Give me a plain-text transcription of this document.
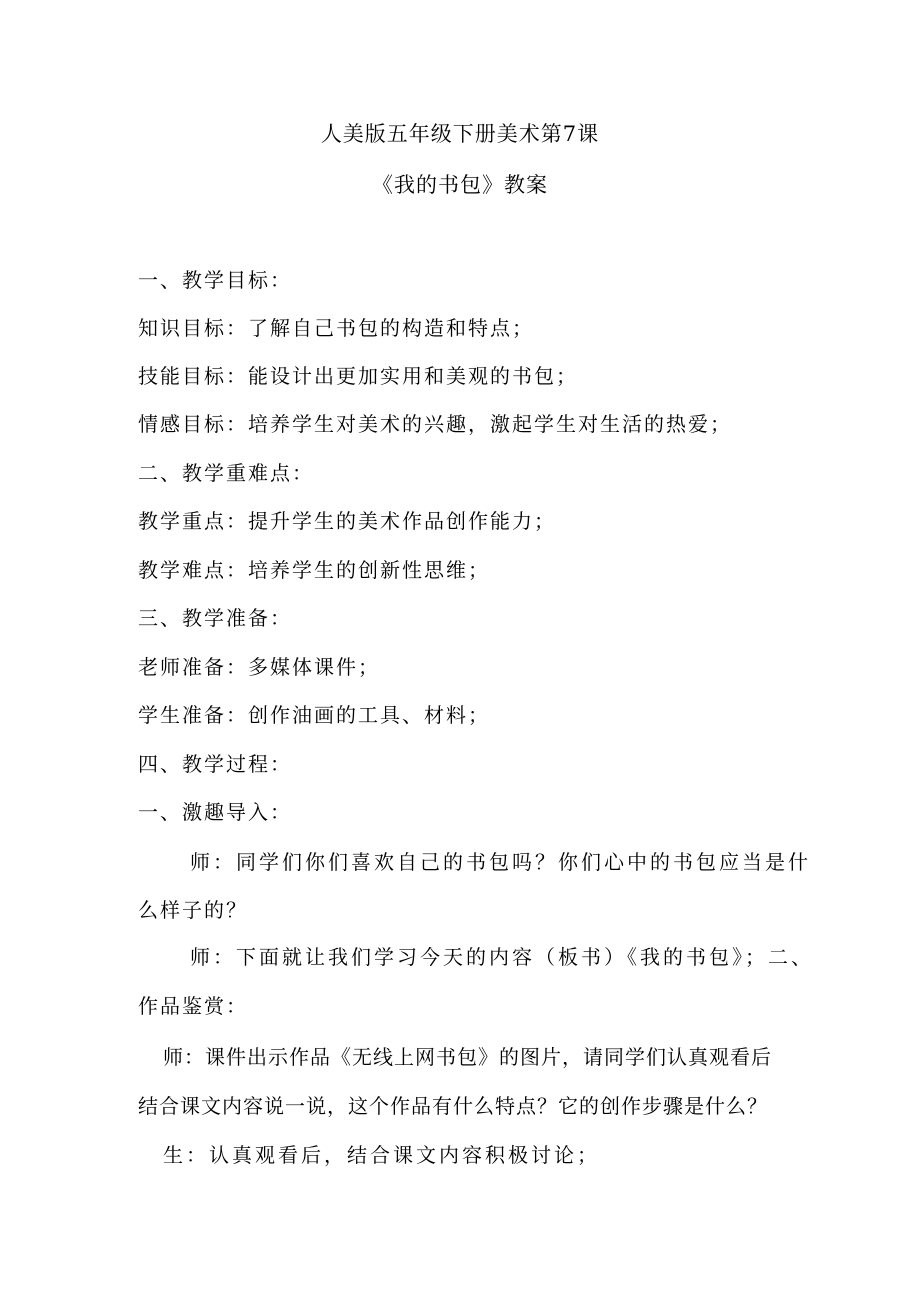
人美版五年级下册美术第7课
《我的书包》教案
一、教学目标：
知识目标：了解自己书包的构造和特点；
技能目标：能设计出更加实用和美观的书包；
情感目标：培养学生对美术的兴趣，激起学生对生活的热爱；
二、教学重难点：
教学重点：提升学生的美术作品创作能力；
教学难点：培养学生的创新性思维；
三、教学准备：
老师准备：多媒体课件；
学生准备：创作油画的工具、材料；
四、教学过程：
一、激趣导入：
师：同学们你们喜欢自己的书包吗？你们心中的书包应当是什
么样子的？
师：下面就让我们学习今天的内容（板书）《我的书包》；二、
作品鉴赏：
师：课件出示作品《无线上网书包》的图片，请同学们认真观看后
结合课文内容说一说，这个作品有什么特点？它的创作步骤是什么？
生：认真观看后，结合课文内容积极讨论；
